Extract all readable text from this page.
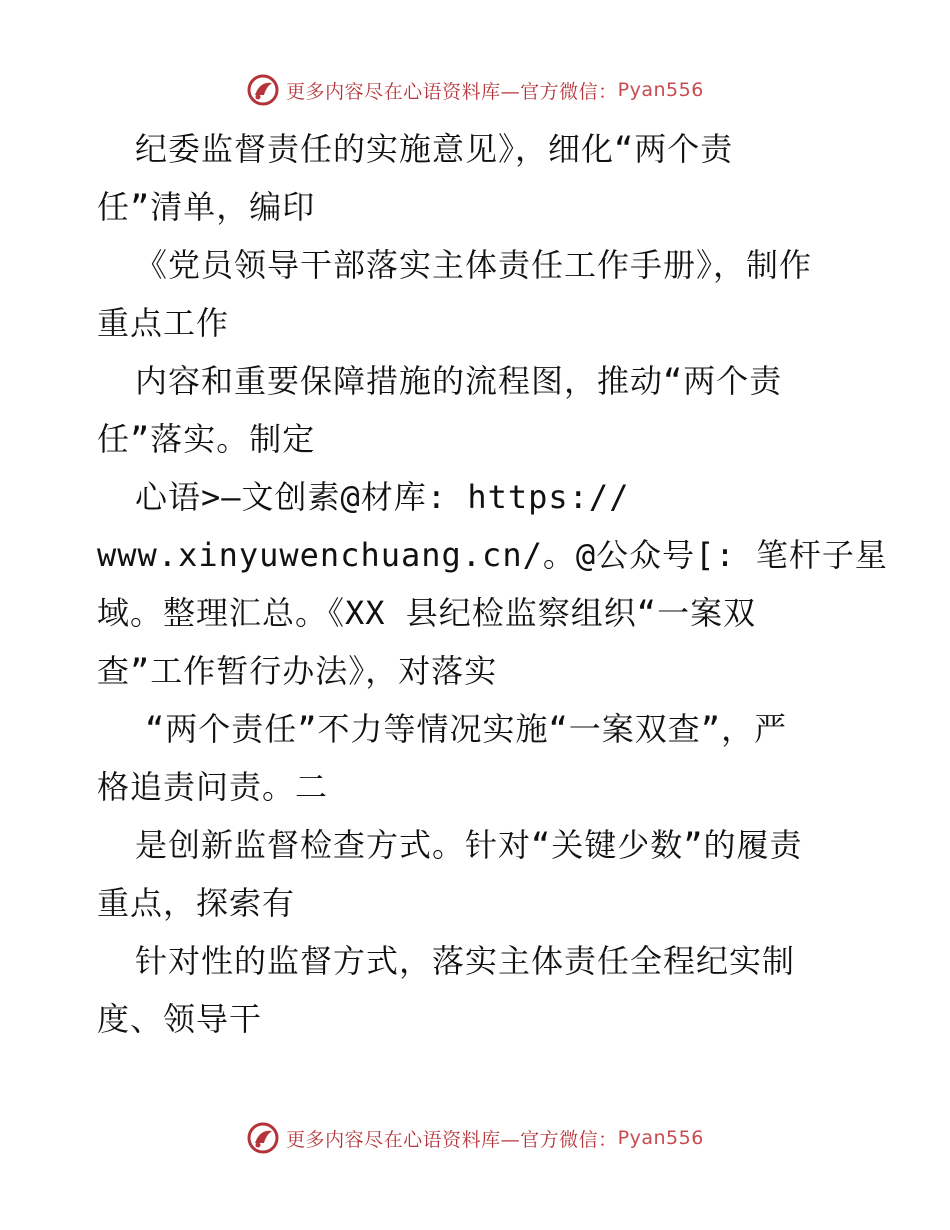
更多内容尽在心语资料库—官方微信： Pyan556
纪委监督责任的实施意见》，细化“两个责
任”清单，编印
《党员领导干部落实主体责任工作手册》，制作
重点工作
内容和重要保障措施的流程图，推动“两个责
任”落实。制定
心语>—文创素@材库: https://
www.xinyuwenchuang.cn/。@公众号[: 笔杆子星
域。整理汇总。《XX 县纪检监察组织“一案双
查”工作暂行办法》，对落实
“两个责任”不力等情况实施“一案双查”，严
格追责问责。二
是创新监督检查方式。针对“关键少数”的履责
重点，探索有
针对性的监督方式，落实主体责任全程纪实制
度、领导干
更多内容尽在心语资料库—官方微信： Pyan556
